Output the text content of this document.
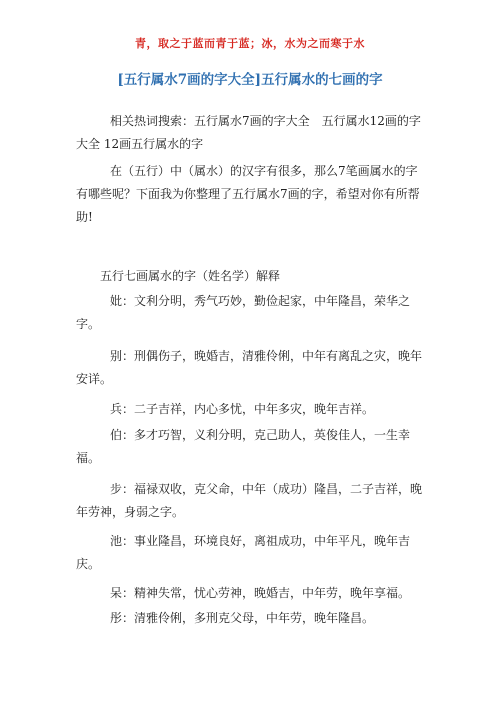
青，取之于蓝而青于蓝；冰，水为之而寒于水
[五行属水7画的字大全]五行属水的七画的字

相关热词搜索：五行属水7画的字大全　五行属水12画的字大全 12画五行属水的字

在（五行）中（属水）的汉字有很多，那么7笔画属水的字有哪些呢？下面我为你整理了五行属水7画的字，希望对你有所帮助!

五行七画属水的字（姓名学）解释

妣：文利分明，秀气巧妙，勤俭起家，中年隆昌，荣华之字。

别：刑偶伤子，晚婚吉，清雅伶俐，中年有离乱之灾，晚年安详。

兵：二子吉祥，内心多忧，中年多灾，晚年吉祥。

伯：多才巧智，义利分明，克己助人，英俊佳人，一生幸福。

步：福禄双收，克父命，中年（成功）隆昌，二子吉祥，晚年劳神，身弱之字。

池：事业隆昌，环境良好，离祖成功，中年平凡，晚年吉庆。

呆：精神失常，忧心劳神，晚婚吉，中年劳，晚年享福。

彤：清雅伶俐，多刑克父母，中年劳，晚年隆昌。
